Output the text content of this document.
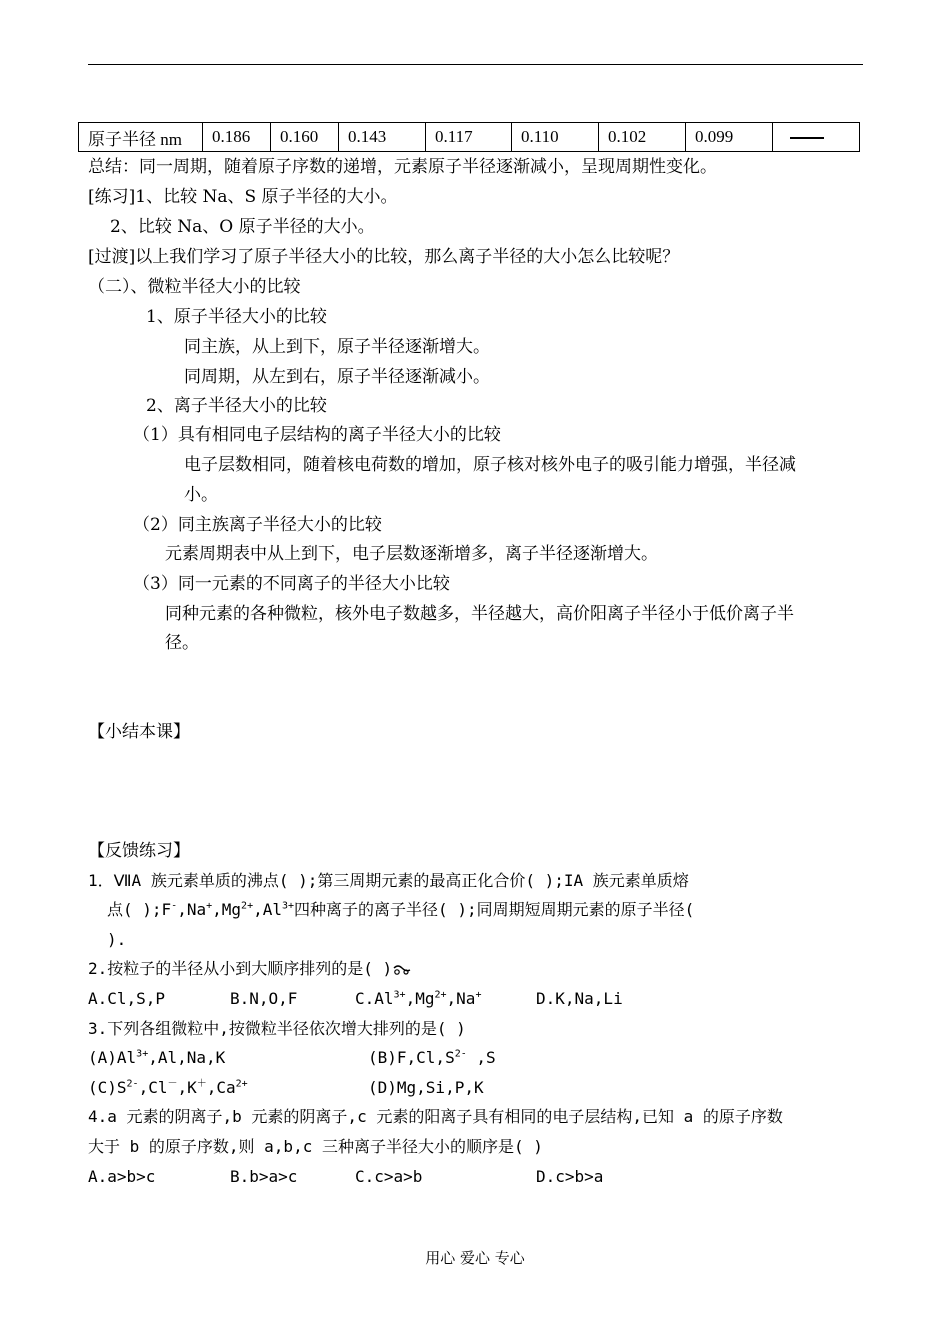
原子半径 nm	0.186	0.160	0.143	0.117	0.110	0.102	0.099	
总结：同一周期，随着原子序数的递增，元素原子半径逐渐减小，呈现周期性变化。
[练习]1、比较 Na、S 原子半径的大小。
2、比较 Na、O 原子半径的大小。
[过渡]以上我们学习了原子半径大小的比较，那么离子半径的大小怎么比较呢？
（二）、微粒半径大小的比较
1、原子半径大小的比较
同主族，从上到下，原子半径逐渐增大。
同周期，从左到右，原子半径逐渐减小。
2、离子半径大小的比较
（1）具有相同电子层结构的离子半径大小的比较
电子层数相同，随着核电荷数的增加，原子核对核外电子的吸引能力增强，半径减
小。
（2）同主族离子半径大小的比较
元素周期表中从上到下，电子层数逐渐增多，离子半径逐渐增大。
（3）同一元素的不同离子的半径大小比较
同种元素的各种微粒，核外电子数越多，半径越大，高价阳离子半径小于低价离子半
径。
【小结本课】
【反馈练习】
1．ⅦA 族元素单质的沸点( );第三周期元素的最高正化合价( );IA 族元素单质熔
点( )$;F^-,Na^+,Mg^{2+},Al^{3+}$四种离子的离子半径( );同周期短周期元素的原子半径(
).
2.按粒子的半径从小到大顺序排列的是( )
A.Cl,S,P	B.N,O,F	$C.Al^{3+},Mg^{2+},Na^+$	D.K,Na,Li
3.下列各组微粒中,按微粒半径依次增大排列的是( )
$(A)Al^{3+},Al,Na,K$	$(B)F,Cl,S^{2-}$ ,S
$(C)S^{2-},Cl^-,K^+,Ca^{2+}$	(D)Mg,Si,P,K
4.a 元素的阴离子,b 元素的阴离子,c 元素的阳离子具有相同的电子层结构,已知 a 的原子序数
大于 b 的原子序数,则 a,b,c 三种离子半径大小的顺序是( )
A.a>b>c	B.b>a>c	C.c>a>b	D.c>b>a
用心 爱心 专心
